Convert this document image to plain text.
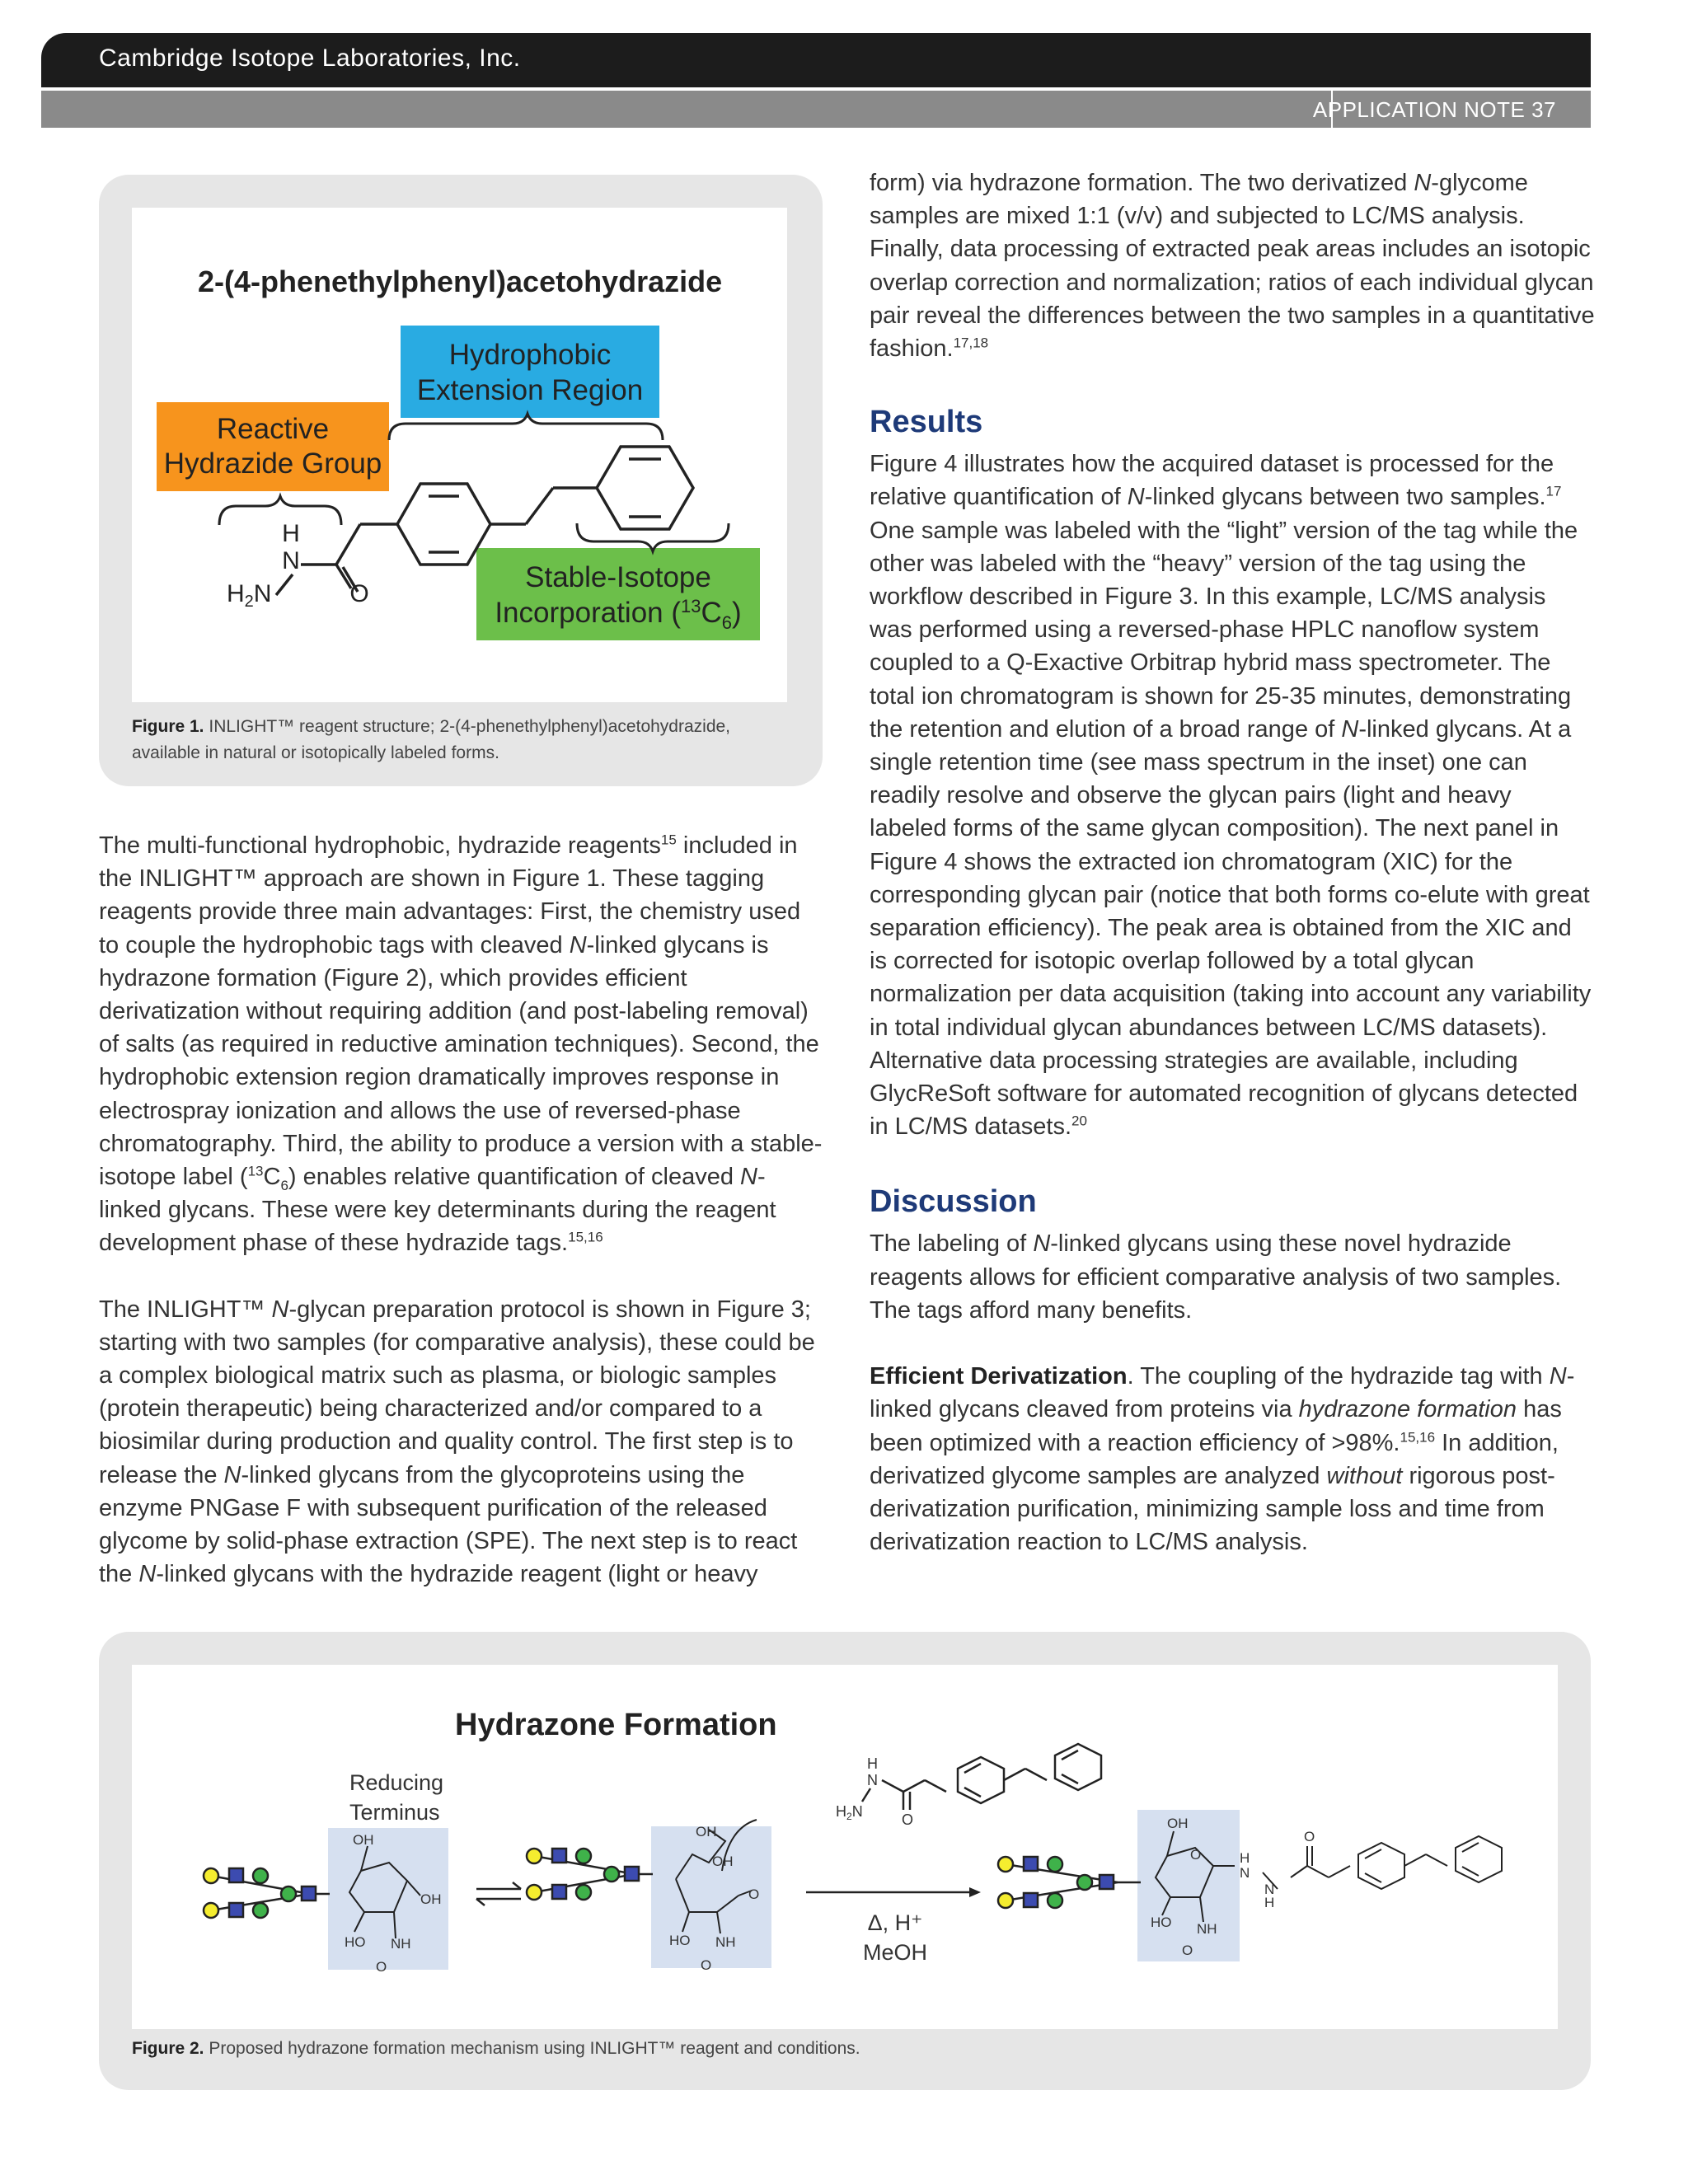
Cambridge Isotope Laboratories, Inc.
APPLICATION NOTE 37
2-(4-phenethylphenyl)acetohydrazide
Hydrophobic
Extension Region
Reactive
Hydrazide Group
Stable-Isotope
Incorporation $(^{13}C_6)$
H
N
$H_2N$	O
Figure 1. INLIGHT™ reagent structure; 2-(4-phenethylphenyl)acetohydrazide, available in natural or isotopically labeled forms.

The multi-functional hydrophobic, hydrazide reagents$^{15}$ included in the INLIGHT™ approach are shown in Figure 1. These tagging reagents provide three main advantages: First, the chemistry used to couple the hydrophobic tags with cleaved N-linked glycans is hydrazone formation (Figure 2), which provides efficient derivatization without requiring addition (and post-labeling removal) of salts (as required in reductive amination techniques). Second, the hydrophobic extension region dramatically improves response in electrospray ionization and allows the use of reversed-phase chromatography. Third, the ability to produce a version with a stable-isotope label $(^{13}C_6)$ enables relative quantification of cleaved N-linked glycans. These were key determinants during the reagent development phase of these hydrazide tags.$^{15,16}$

The INLIGHT™ N-glycan preparation protocol is shown in Figure 3; starting with two samples (for comparative analysis), these could be a complex biological matrix such as plasma, or biologic samples (protein therapeutic) being characterized and/or compared to a biosimilar during production and quality control. The first step is to release the N-linked glycans from the glycoproteins using the enzyme PNGase F with subsequent purification of the released glycome by solid-phase extraction (SPE). The next step is to react the N-linked glycans with the hydrazide reagent (light or heavy

form) via hydrazone formation. The two derivatized N-glycome samples are mixed 1:1 (v/v) and subjected to LC/MS analysis. Finally, data processing of extracted peak areas includes an isotopic overlap correction and normalization; ratios of each individual glycan pair reveal the differences between the two samples in a quantitative fashion.$^{17,18}$

Results

Figure 4 illustrates how the acquired dataset is processed for the relative quantification of N-linked glycans between two samples.$^{17}$ One sample was labeled with the “light” version of the tag while the other was labeled with the “heavy” version of the tag using the workflow described in Figure 3. In this example, LC/MS analysis was performed using a reversed-phase HPLC nanoflow system coupled to a Q-Exactive Orbitrap hybrid mass spectrometer. The total ion chromatogram is shown for 25-35 minutes, demonstrating the retention and elution of a broad range of N-linked glycans. At a single retention time (see mass spectrum in the inset) one can readily resolve and observe the glycan pairs (light and heavy labeled forms of the same glycan composition). The next panel in Figure 4 shows the extracted ion chromatogram (XIC) for the corresponding glycan pair (notice that both forms co-elute with great separation efficiency). The peak area is obtained from the XIC and is corrected for isotopic overlap followed by a total glycan normalization per data acquisition (taking into account any variability in total individual glycan abundances between LC/MS datasets). Alternative data processing strategies are available, including GlycReSoft software for automated recognition of glycans detected in LC/MS datasets.$^{20}$

Discussion

The labeling of N-linked glycans using these novel hydrazide reagents allows for efficient comparative analysis of two samples. The tags afford many benefits.

Efficient Derivatization. The coupling of the hydrazide tag with N-linked glycans cleaved from proteins via hydrazone formation has been optimized with a reaction efficiency of >98%.$^{15,16}$ In addition, derivatized glycome samples are analyzed without rigorous post-derivatization purification, minimizing sample loss and time from derivatization reaction to LC/MS analysis.

Hydrazone Formation
Reducing
Terminus
OH
OH
HO NH
O
OH
OH
O
HO NH
O
H
N
$H_2N$	O
Δ, H⁺
MeOH
OH
O
HO NH
O
H
N
N
H
O
Figure 2. Proposed hydrazone formation mechanism using INLIGHT™ reagent and conditions.
